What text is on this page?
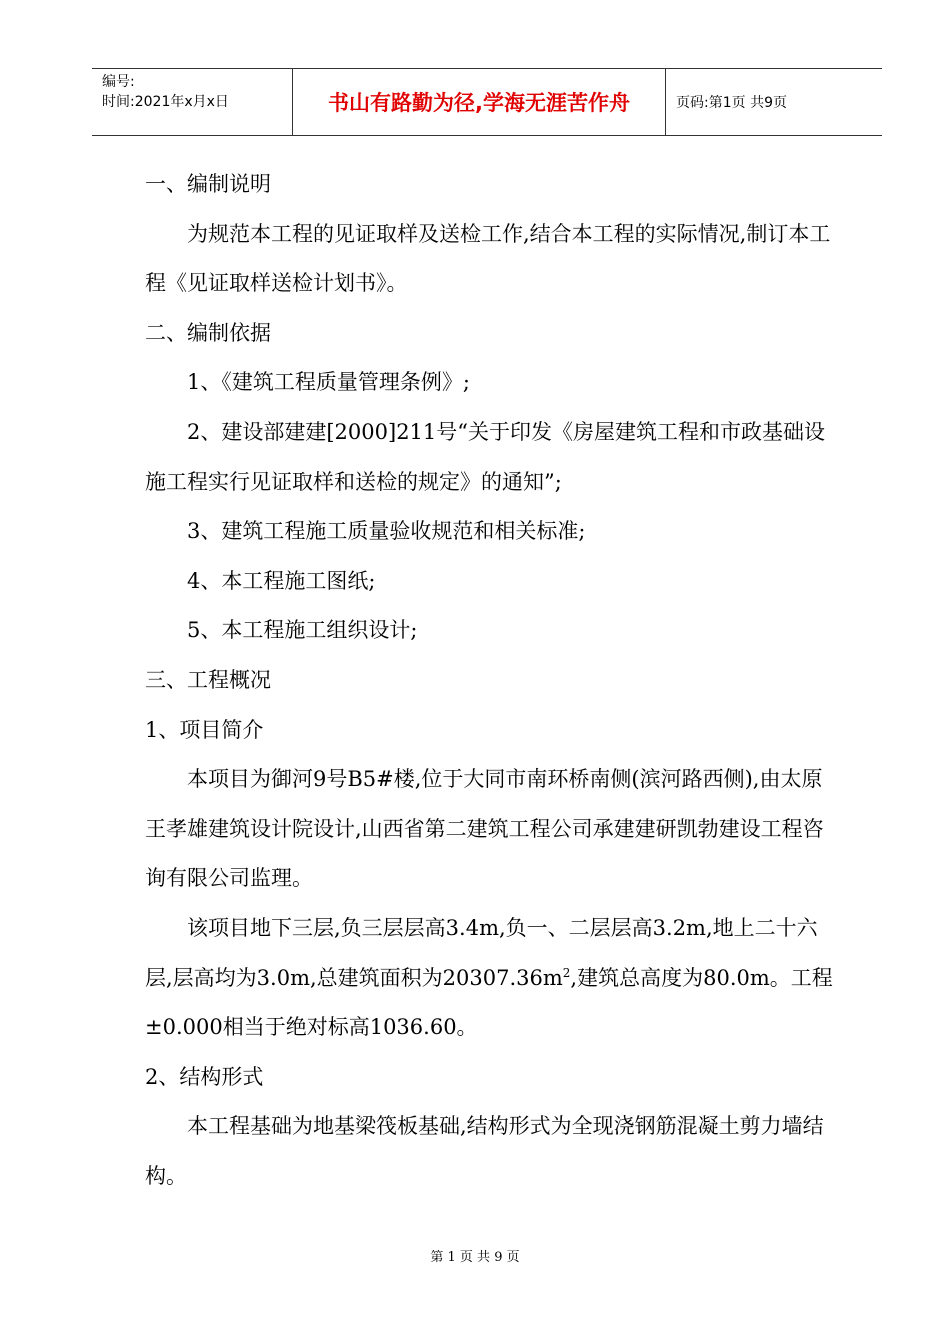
编号:
时间:2021年x月x日	书山有路勤为径,学海无涯苦作舟	页码:第1页 共9页

一、编制说明

为规范本工程的见证取样及送检工作,结合本工程的实际情况,制订本工程《见证取样送检计划书》。

二、编制依据

1、《建筑工程质量管理条例》;

2、建设部建建[2000]211号“关于印发《房屋建筑工程和市政基础设施工程实行见证取样和送检的规定》的通知”;

3、建筑工程施工质量验收规范和相关标准;

4、本工程施工图纸;

5、本工程施工组织设计;

三、工程概况

1、项目简介

本项目为御河9号B5#楼,位于大同市南环桥南侧(滨河路西侧),由太原王孝雄建筑设计院设计,山西省第二建筑工程公司承建建研凯勃建设工程咨询有限公司监理。

该项目地下三层,负三层层高3.4m,负一、二层层高3.2m,地上二十六层,层高均为3.0m,总建筑面积为$20307.36m^2$,建筑总高度为80.0m。工程±0.000相当于绝对标高1036.60。

2、结构形式

本工程基础为地基梁筏板基础,结构形式为全现浇钢筋混凝土剪力墙结构。

第 1 页 共 9 页
